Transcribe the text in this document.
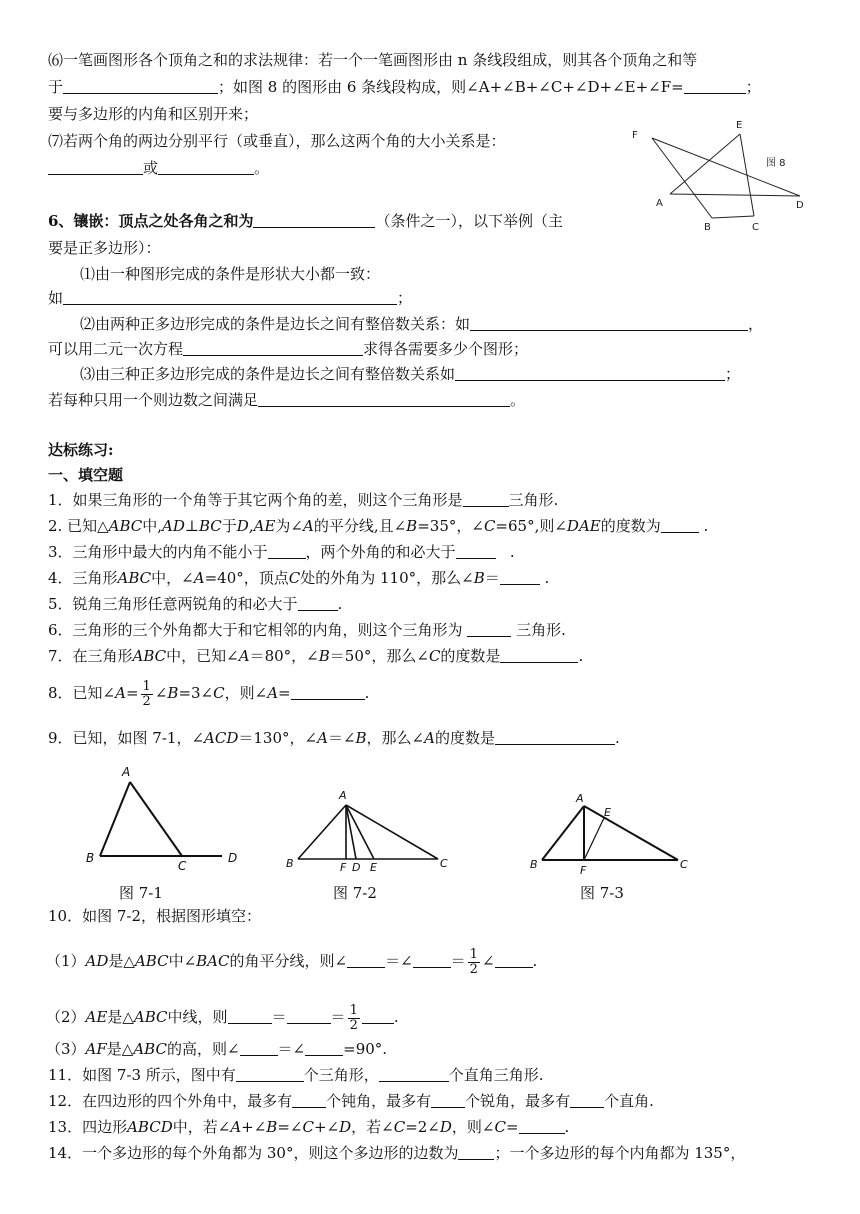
⑹一笔画图形各个顶角之和的求法规律：若一个一笔画图形由 n 条线段组成，则其各个顶角之和等
于	；如图 8 的图形由 6 条线段构成，则∠A+∠B+∠C+∠D+∠E+∠F=	；
要与多边形的内角和区别开来；
⑺若两个角的两边分别平行（或垂直），那么这两个角的大小关系是：
或	。
F
E
A
B	C
D
图 8
6、镶嵌：顶点之处各角之和为	（条件之一），以下举例（主
要是正多边形）：
⑴由一种图形完成的条件是形状大小都一致：
如	；
⑵由两种正多边形完成的条件是边长之间有整倍数关系：如	，
可以用二元一次方程	求得各需要多少个图形；
⑶由三种正多边形完成的条件是边长之间有整倍数关系如	；
若每种只用一个则边数之间满足	。
达标练习:
一、填空题
1．如果三角形的一个角等于其它两个角的差，则这个三角形是	三角形.
2. 已知△ABC中,AD⊥BC于D,AE为∠A的平分线,且∠B=35°，∠C=65°,则∠DAE的度数为	.
3．三角形中最大的内角不能小于	，两个外角的和必大于	.
4．三角形ABC中，∠A=40°，顶点C处的外角为 110°，那么∠B＝	.
5．锐角三角形任意两锐角的和必大于	.
6．三角形的三个外角都大于和它相邻的内角，则这个三角形为	三角形.
7．在三角形ABC中，已知∠A＝80°，∠B＝50°，那么∠C的度数是	.
8．已知∠A= $\frac{1}{2}$ ∠B=3∠C，则∠A=	.
9．已知，如图 7-1，∠ACD＝130°，∠A＝∠B，那么∠A的度数是	.
A
B
C
D
图 7-1
A
B	F D E	C
图 7-2
A
E
B	F	C
图 7-3
10．如图 7-2，根据图形填空：
（1）AD是△ABC中∠BAC的角平分线，则∠	＝∠	＝ $\frac{1}{2}$ ∠	.
（2）AE是△ABC中线，则	＝	＝ $\frac{1}{2}$ .
（3）AF是△ABC的高，则∠	＝∠	=90°.
11．如图 7-3 所示，图中有	个三角形，	个直角三角形.
12．在四边形的四个外角中，最多有 个钝角，最多有 个锐角，最多有 个直角.
13．四边形ABCD中，若∠A+∠B=∠C+∠D，若∠C=2∠D，则∠C=	.
14．一个多边形的每个外角都为 30°，则这个多边形的边数为 ；一个多边形的每个内角都为 135°，
